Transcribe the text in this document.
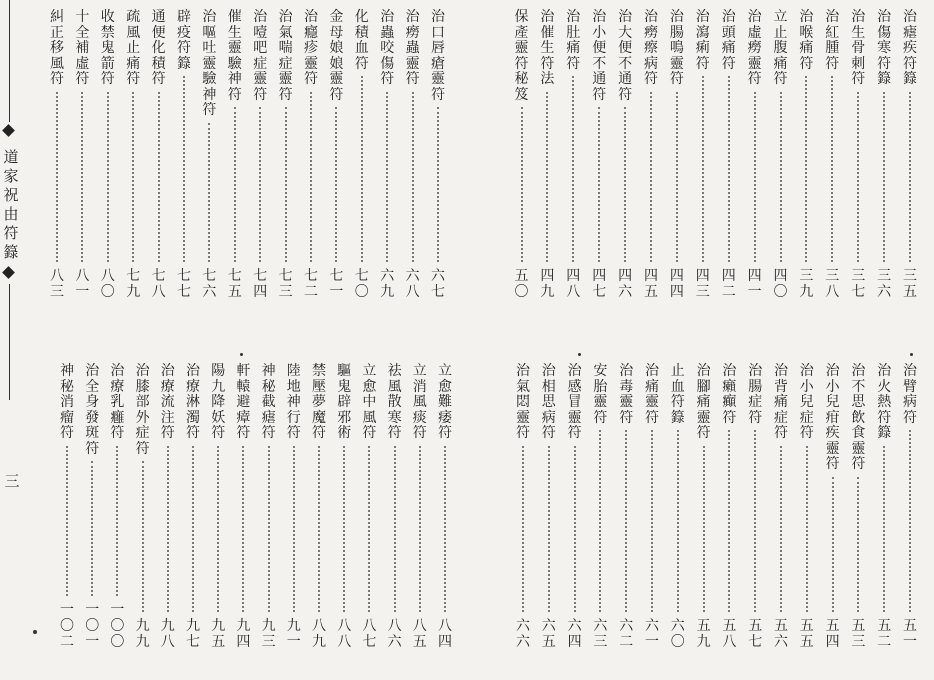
道
家
祝
由
符
籙
三
治
口
唇
瘡
靈
符
六
七
治
癆
蟲
靈
符
六
八
治
蟲
咬
傷
符
六
九
化
積
血
符
七
〇
金
母
娘
娘
靈
符
七
一
治
癮
疹
靈
符
七
二
治
氣
喘
症
靈
符
七
三
治
噎
吧
症
靈
符
七
四
催
生
靈
驗
神
符
七
五
治
嘔
吐
靈
驗
神
符
七
六
辟
疫
符
籙
七
七
通
便
化
積
符
七
八
疏
風
止
痛
符
七
九
收
禁
鬼
箭
符
八
〇
十
全
補
虛
符
八
一
糾
正
移
風
符
八
三
治
瘧
疾
符
籙
三
五
治
傷
寒
符
籙
三
六
治
生
骨
刺
符
三
七
治
紅
腫
符
三
八
治
喉
痛
符
三
九
立
止
腹
痛
符
四
〇
治
虛
癆
靈
符
四
一
治
頭
痛
符
四
二
治
瀉
痢
符
四
三
治
腸
鳴
靈
符
四
四
治
癆
瘵
病
符
四
五
治
大
便
不
通
符
四
六
治
小
便
不
通
符
四
七
治
肚
痛
符
四
八
治
催
生
符
法
四
九
保
產
靈
符
秘
笈
五
〇
立
愈
難
痿
符
八
四
立
消
風
痰
符
八
五
祛
風
散
寒
符
八
六
立
愈
中
風
符
八
七
驅
鬼
辟
邪
術
八
八
禁
壓
夢
魔
符
八
九
陸
地
神
行
符
九
一
神
秘
截
瘧
符
九
三
軒
轅
避
瘴
符
九
四
陽
九
降
妖
符
九
五
治
療
淋
濁
符
九
七
治
療
流
注
符
九
八
治
膝
部
外
症
符
九
九
治
療
乳
癰
符
一
〇
〇
治
全
身
發
斑
符
一
〇
一
神
秘
消
瘤
符
一
〇
二
治
臂
病
符
五
一
治
火
熱
符
籙
五
二
治
不
思
飲
食
靈
符
五
三
治
小
兒
疳
疾
靈
符
五
四
治
小
兒
症
符
五
五
治
背
痛
症
符
五
六
治
腸
症
符
五
七
治
癩
癲
符
五
八
治
腳
痛
靈
符
五
九
止
血
符
籙
六
〇
治
痛
靈
符
六
一
治
毒
靈
符
六
二
安
胎
靈
符
六
三
治
感
冒
靈
符
六
四
治
相
思
病
符
六
五
治
氣
悶
靈
符
六
六
